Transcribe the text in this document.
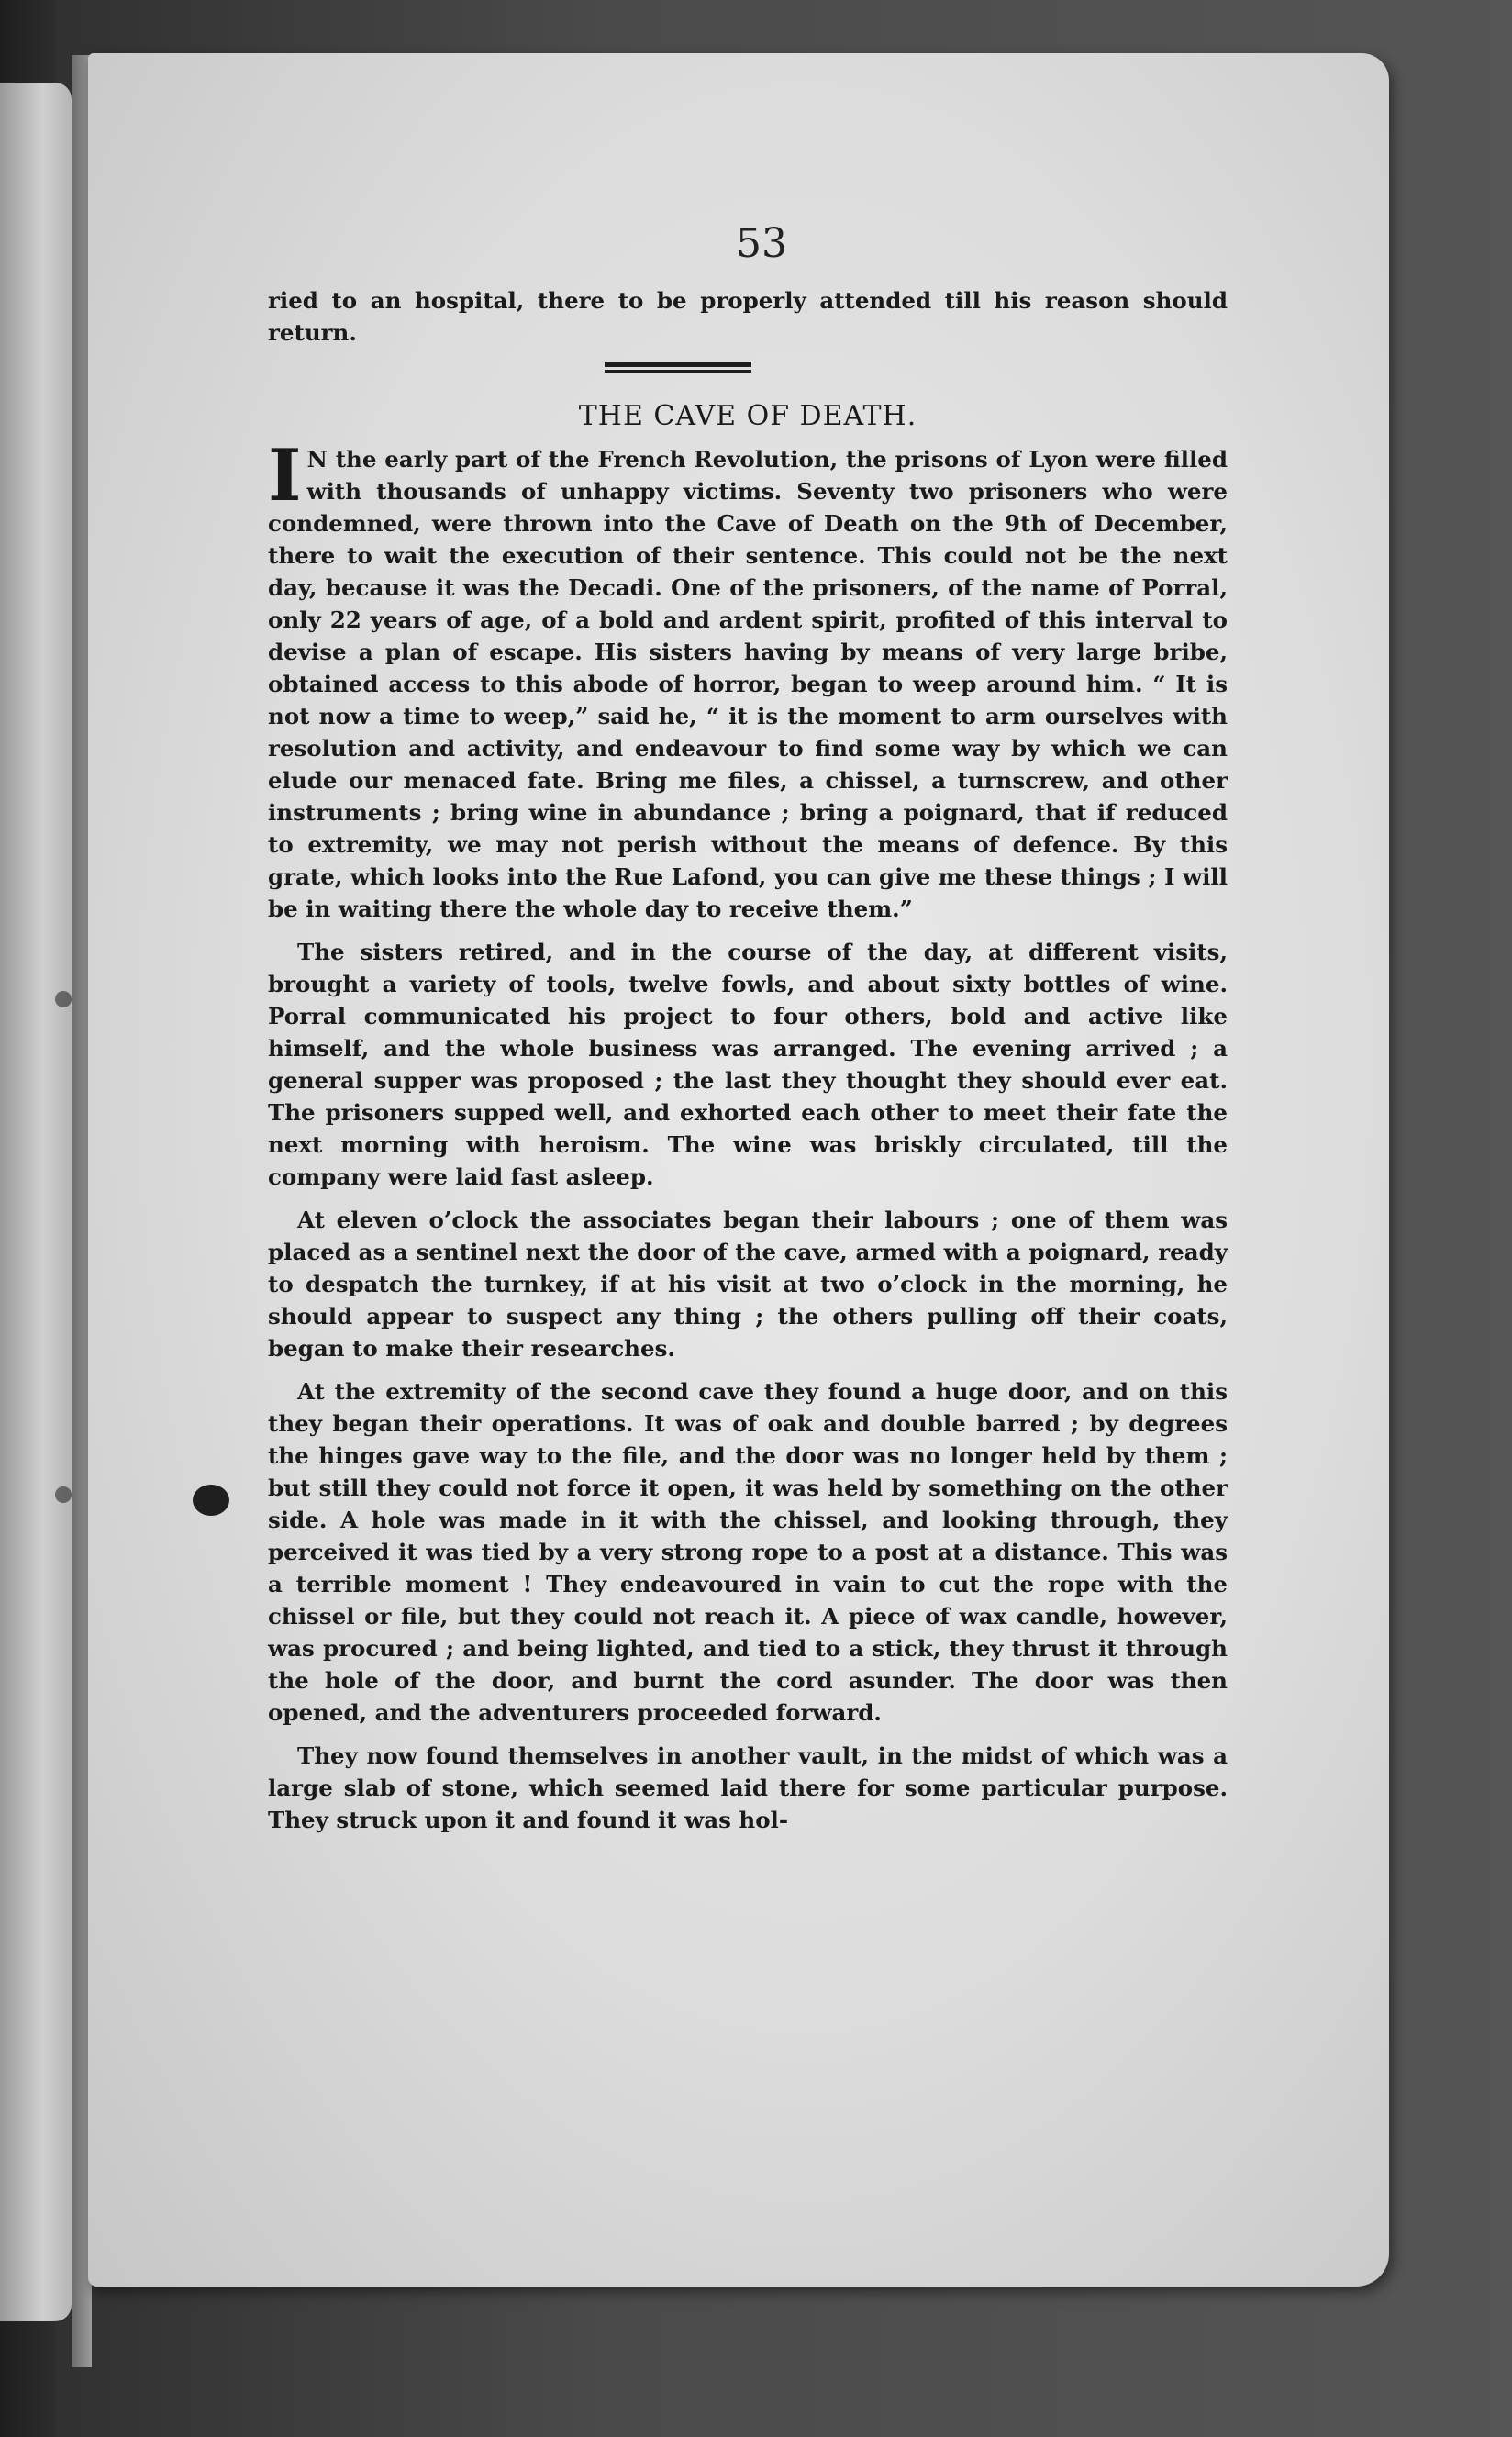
53

ried to an hospital, there to be properly attended till his reason should return.

THE CAVE OF DEATH.

I N the early part of the French Revolution, the prisons of Lyon were filled with thousands of unhappy victims. Seventy two prisoners who were condemned, were thrown into the Cave of Death on the 9th of December, there to wait the execution of their sentence. This could not be the next day, because it was the Decadi. One of the prisoners, of the name of Porral, only 22 years of age, of a bold and ardent spirit, profited of this interval to devise a plan of escape. His sisters having by means of very large bribe, obtained access to this abode of horror, began to weep around him. “ It is not now a time to weep,” said he, “ it is the moment to arm ourselves with resolution and activity, and endeavour to find some way by which we can elude our menaced fate. Bring me files, a chissel, a turnscrew, and other instruments ; bring wine in abundance ; bring a poignard, that if reduced to extremity, we may not perish without the means of defence. By this grate, which looks into the Rue Lafond, you can give me these things ; I will be in waiting there the whole day to receive them.”

The sisters retired, and in the course of the day, at different visits, brought a variety of tools, twelve fowls, and about sixty bottles of wine. Porral communicated his project to four others, bold and active like himself, and the whole business was arranged. The evening arrived ; a general supper was proposed ; the last they thought they should ever eat. The prisoners supped well, and exhorted each other to meet their fate the next morning with heroism. The wine was briskly circulated, till the company were laid fast asleep.

At eleven o’clock the associates began their labours ; one of them was placed as a sentinel next the door of the cave, armed with a poignard, ready to despatch the turnkey, if at his visit at two o’clock in the morning, he should appear to suspect any thing ; the others pulling off their coats, began to make their researches.

At the extremity of the second cave they found a huge door, and on this they began their operations. It was of oak and double barred ; by degrees the hinges gave way to the file, and the door was no longer held by them ; but still they could not force it open, it was held by something on the other side. A hole was made in it with the chissel, and looking through, they perceived it was tied by a very strong rope to a post at a distance. This was a terrible moment ! They endeavoured in vain to cut the rope with the chissel or file, but they could not reach it. A piece of wax candle, however, was procured ; and being lighted, and tied to a stick, they thrust it through the hole of the door, and burnt the cord asunder. The door was then opened, and the adventurers proceeded forward.

They now found themselves in another vault, in the midst of which was a large slab of stone, which seemed laid there for some particular purpose. They struck upon it and found it was hol-
